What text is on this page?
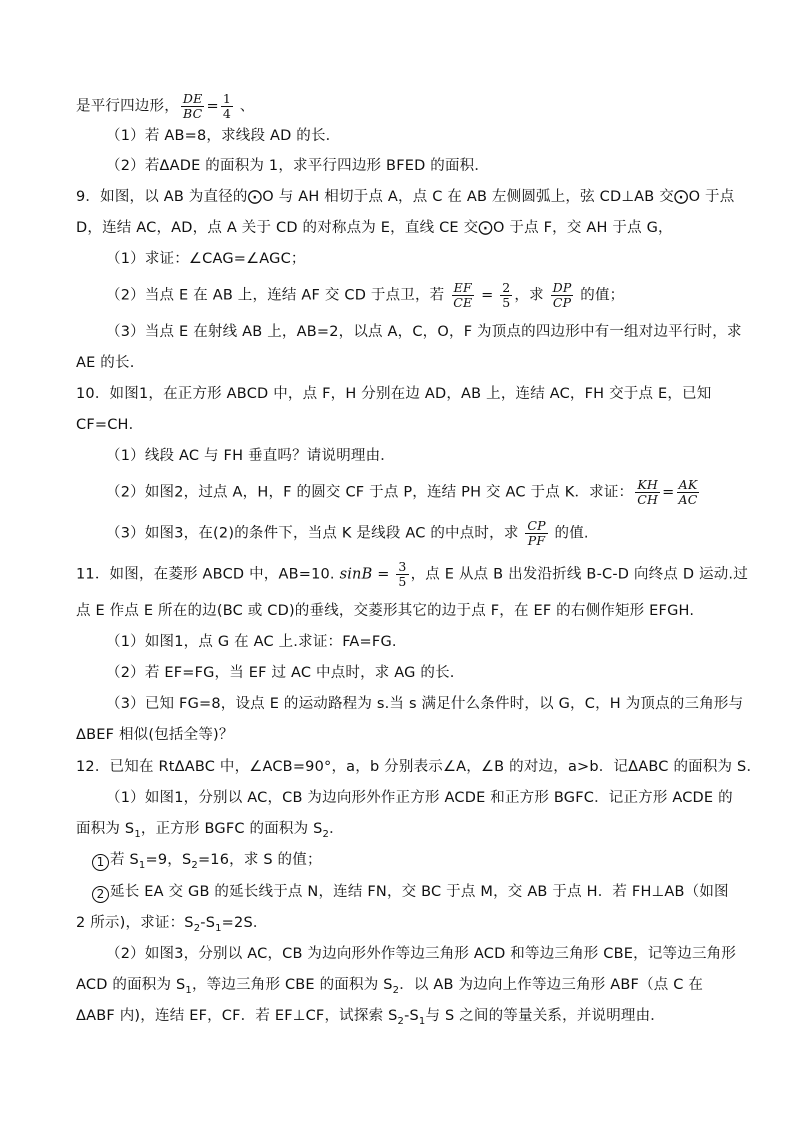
是平行四边形， $\frac{DE}{BC} = \frac{1}{4}$ 、
（1）若 AB=8，求线段 AD 的长．
（2）若ΔADE 的面积为 1，求平行四边形 BFED 的面积．
9．如图，以 AB 为直径的⨀O 与 AH 相切于点 A，点 C 在 AB 左侧圆弧上，弦 CD⊥AB 交⨀O 于点
D，连结 AC，AD，点 A 关于 CD 的对称点为 E，直线 CE 交⨀O 于点 F，交 AH 于点 G，
（1）求证：∠CAG=∠AGC；
（2）当点 E 在 AB 上，连结 AF 交 CD 于点卫，若 $\frac{EF}{CE} = \frac{2}{5}$ ，求 $\frac{DP}{CP}$ 的值；
（3）当点 E 在射线 AB 上，AB=2，以点 A，C，O，F 为顶点的四边形中有一组对边平行时，求
AE 的长.
10．如图1，在正方形 ABCD 中，点 F，H 分别在边 AD，AB 上，连结 AC，FH 交于点 E，已知
CF=CH．
（1）线段 AC 与 FH 垂直吗？请说明理由．
（2）如图2，过点 A，H，F 的圆交 CF 于点 P，连结 PH 交 AC 于点 K．求证： $\frac{KH}{CH} = \frac{AK}{AC}$
（3）如图3，在(2)的条件下，当点 K 是线段 AC 的中点时，求 $\frac{CP}{PF}$ 的值.
11．如图，在菱形 ABCD 中，AB=10. $\sin B = \frac{3}{5}$ ，点 E 从点 B 出发沿折线 B-C-D 向终点 D 运动.过
点 E 作点 E 所在的边(BC 或 CD)的垂线，交菱形其它的边于点 F，在 EF 的右侧作矩形 EFGH.
（1）如图1，点 G 在 AC 上.求证：FA=FG.
（2）若 EF=FG，当 EF 过 AC 中点时，求 AG 的长.
（3）已知 FG=8，设点 E 的运动路程为 s.当 s 满足什么条件时，以 G，C，H 为顶点的三角形与
ΔBEF 相似(包括全等)？
12．已知在 RtΔABC 中，∠ACB=90°，a，b 分别表示∠A，∠B 的对边，a>b．记ΔABC 的面积为 S．
（1）如图1，分别以 AC，CB 为边向形外作正方形 ACDE 和正方形 BGFC．记正方形 ACDE 的
面积为 $S_1$，正方形 BGFC 的面积为 $S_2$．
1 若 $S_1=9$，$S_2=16$，求 S 的值；
2 延长 EA 交 GB 的延长线于点 N，连结 FN，交 BC 于点 M，交 AB 于点 H．若 FH⊥AB（如图
2 所示)，求证：$S_2-S_1=2S$．
（2）如图3，分别以 AC，CB 为边向形外作等边三角形 ACD 和等边三角形 CBE，记等边三角形
ACD 的面积为 $S_1$，等边三角形 CBE 的面积为 $S_2$．以 AB 为边向上作等边三角形 ABF（点 C 在
ΔABF 内)，连结 EF，CF．若 EF⊥CF，试探索 $S_2-S_1$与 S 之间的等量关系，并说明理由．
